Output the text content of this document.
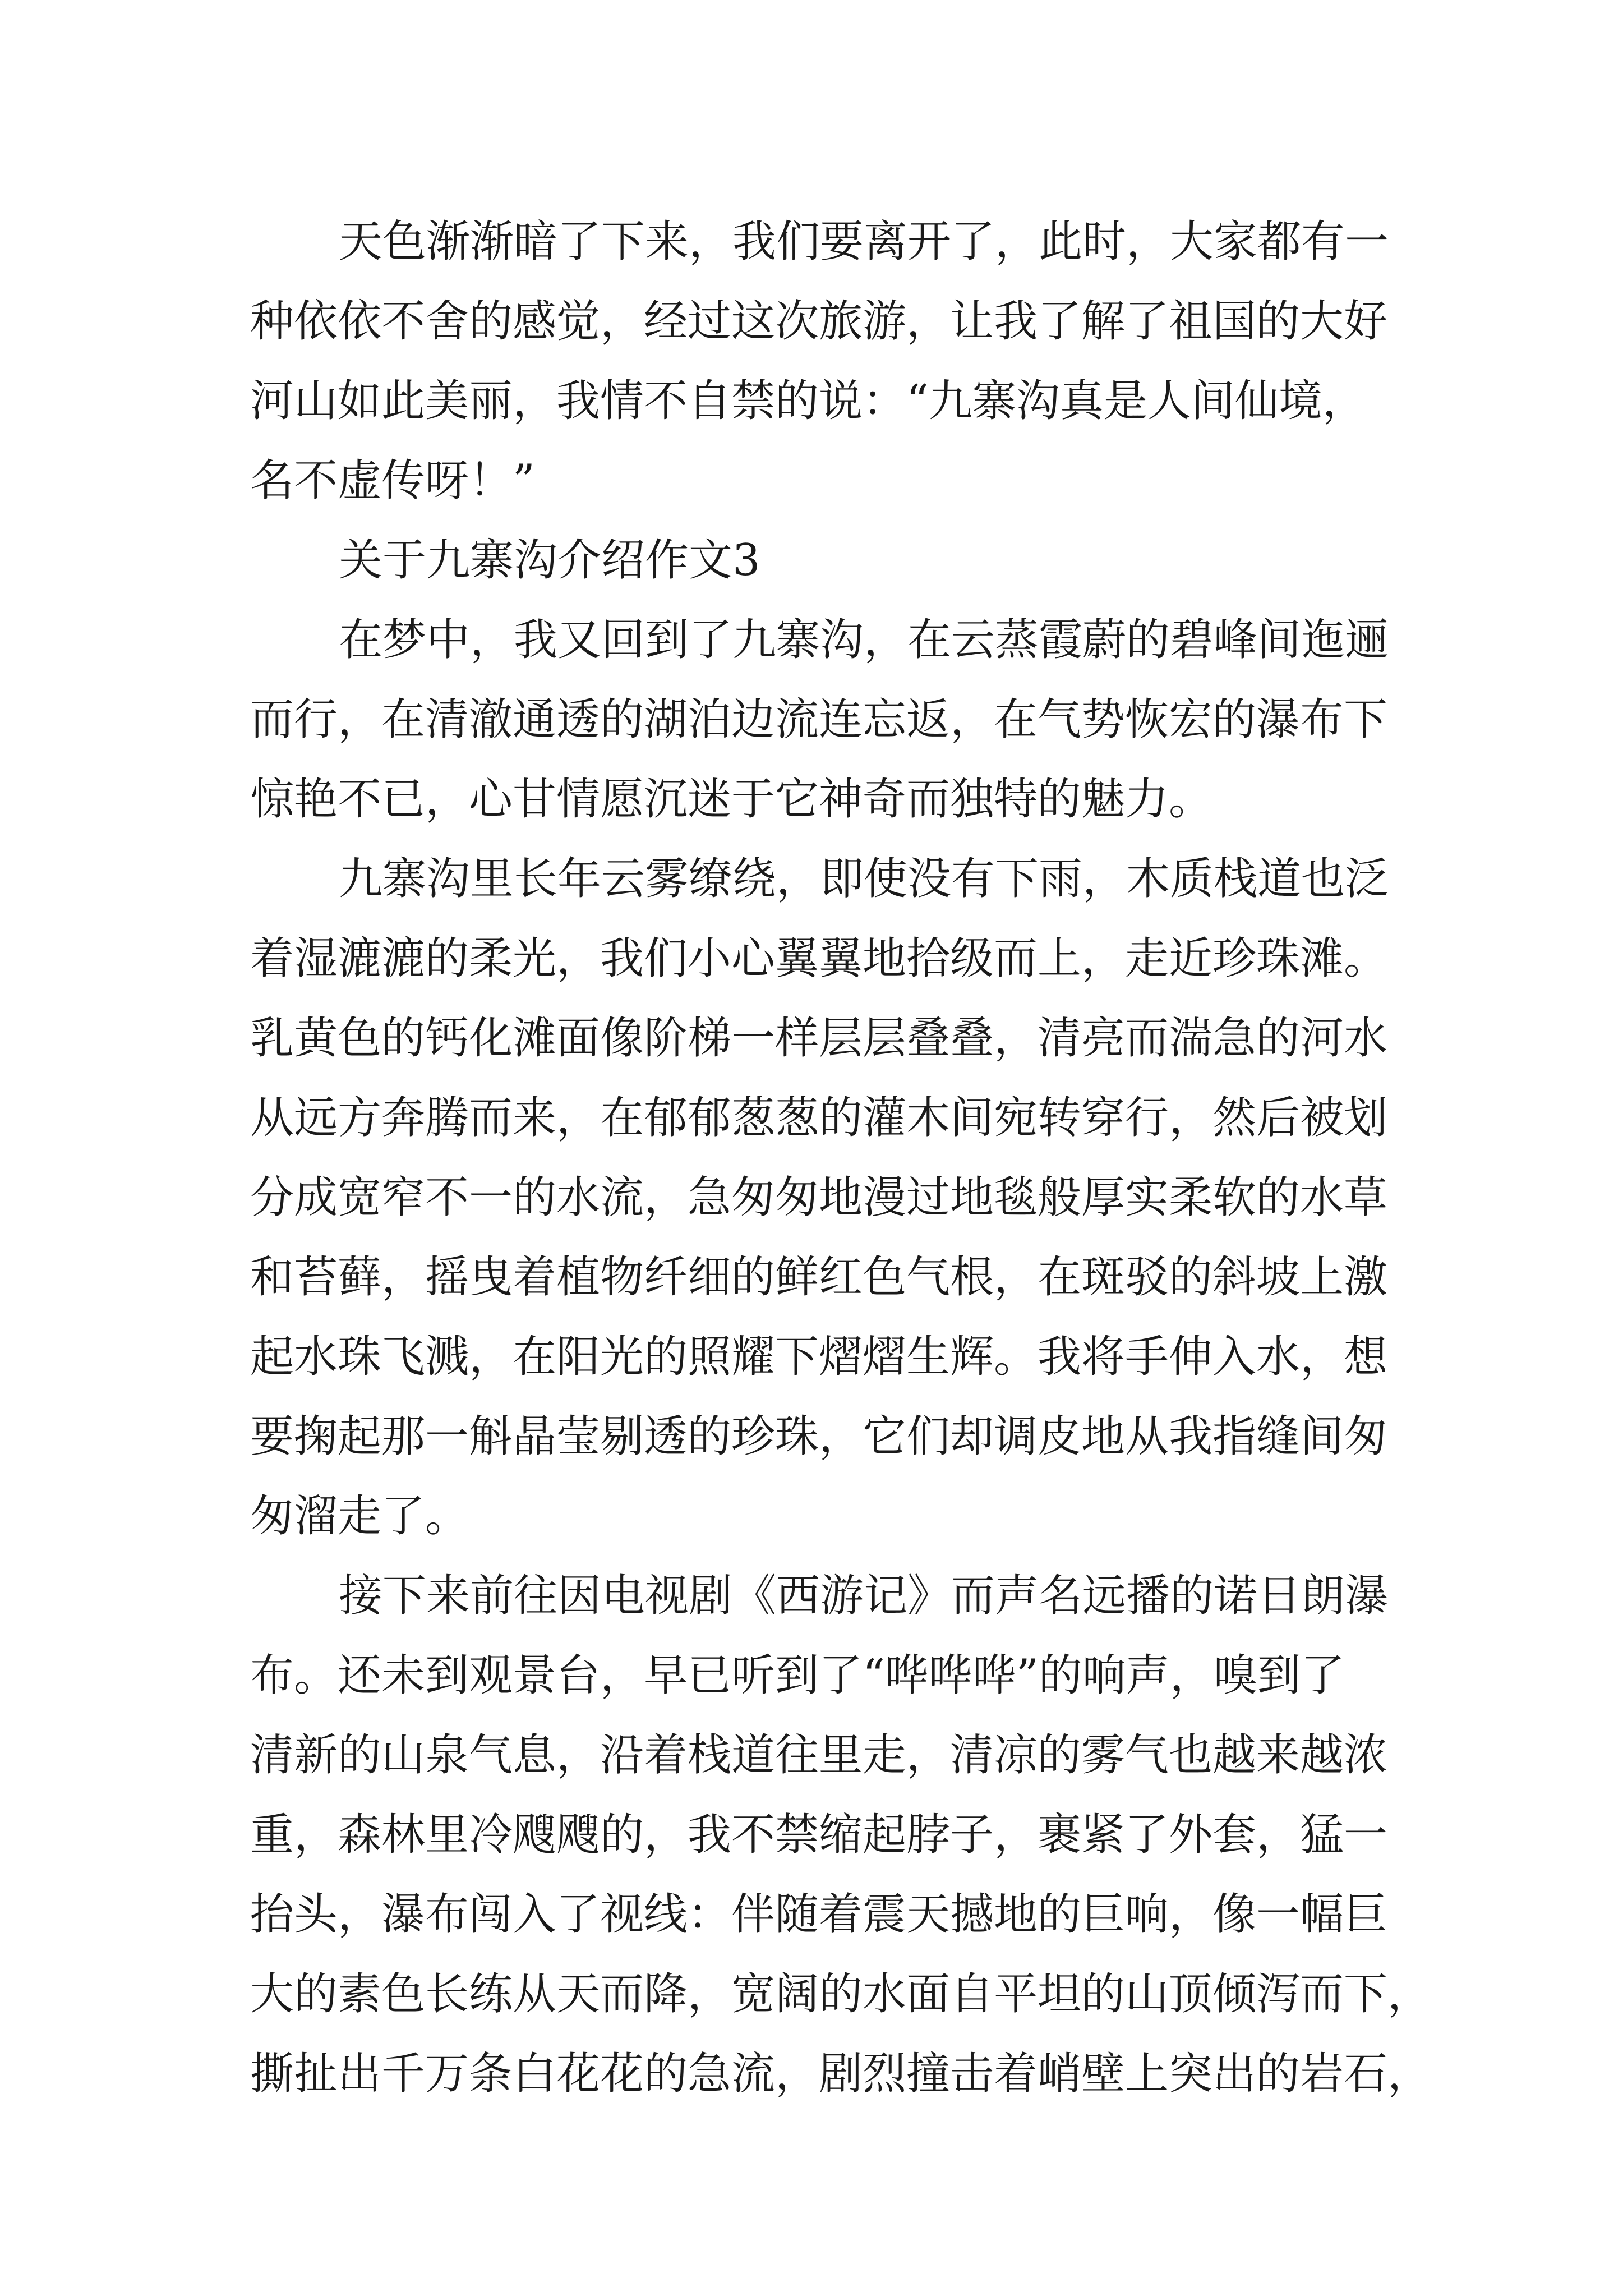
天色渐渐暗了下来，我们要离开了，此时，大家都有一
种依依不舍的感觉，经过这次旅游，让我了解了祖国的大好
河山如此美丽，我情不自禁的说：“九寨沟真是人间仙境，
名不虚传呀！”
关于九寨沟介绍作文3
在梦中，我又回到了九寨沟，在云蒸霞蔚的碧峰间迤逦
而行，在清澈通透的湖泊边流连忘返，在气势恢宏的瀑布下
惊艳不已，心甘情愿沉迷于它神奇而独特的魅力。
九寨沟里长年云雾缭绕，即使没有下雨，木质栈道也泛
着湿漉漉的柔光，我们小心翼翼地拾级而上，走近珍珠滩。
乳黄色的钙化滩面像阶梯一样层层叠叠，清亮而湍急的河水
从远方奔腾而来，在郁郁葱葱的灌木间宛转穿行，然后被划
分成宽窄不一的水流，急匆匆地漫过地毯般厚实柔软的水草
和苔藓，摇曳着植物纤细的鲜红色气根，在斑驳的斜坡上激
起水珠飞溅，在阳光的照耀下熠熠生辉。我将手伸入水，想
要掬起那一斛晶莹剔透的珍珠，它们却调皮地从我指缝间匆
匆溜走了。
接下来前往因电视剧《西游记》而声名远播的诺日朗瀑
布。还未到观景台，早已听到了“哗哗哗”的响声，嗅到了
清新的山泉气息，沿着栈道往里走，清凉的雾气也越来越浓
重，森林里冷飕飕的，我不禁缩起脖子，裹紧了外套，猛一
抬头，瀑布闯入了视线：伴随着震天撼地的巨响，像一幅巨
大的素色长练从天而降，宽阔的水面自平坦的山顶倾泻而下，
撕扯出千万条白花花的急流，剧烈撞击着峭壁上突出的岩石，
